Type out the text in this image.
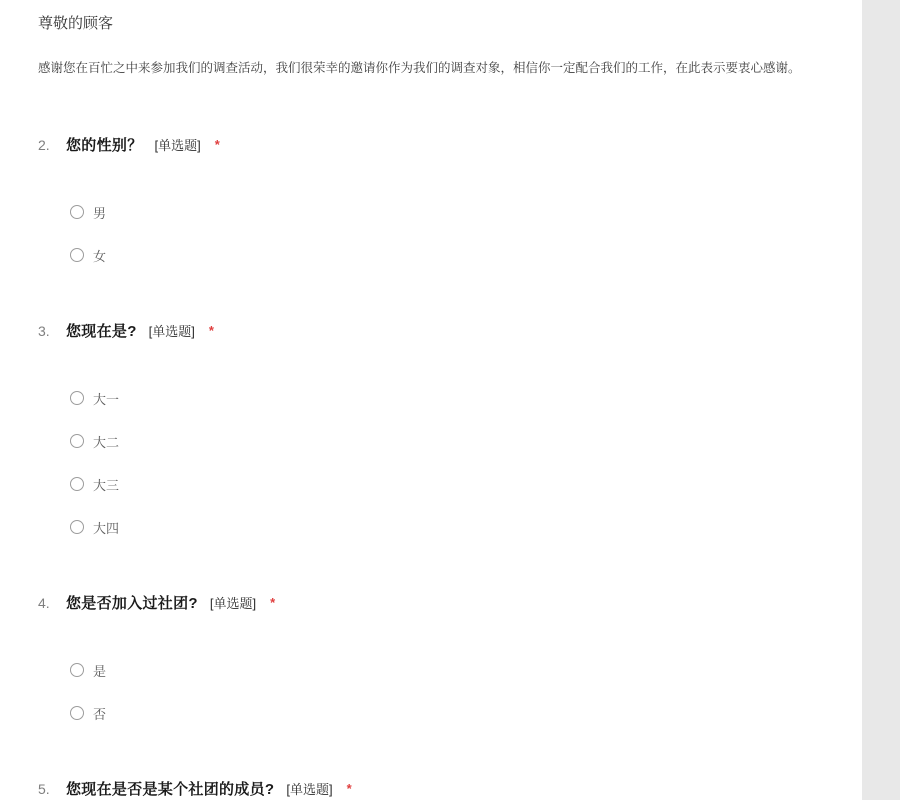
尊敬的顾客
感谢您在百忙之中来参加我们的调查活动，我们很荣幸的邀请你作为我们的调查对象，相信你一定配合我们的工作，在此表示要衷心感谢。
2.	您的性别？ [单选题] *
男
女
3.	您现在是? [单选题] *
大一
大二
大三
大四
4.	您是否加入过社团? [单选题] *
是
否
5.	您现在是否是某个社团的成员? [单选题] *
